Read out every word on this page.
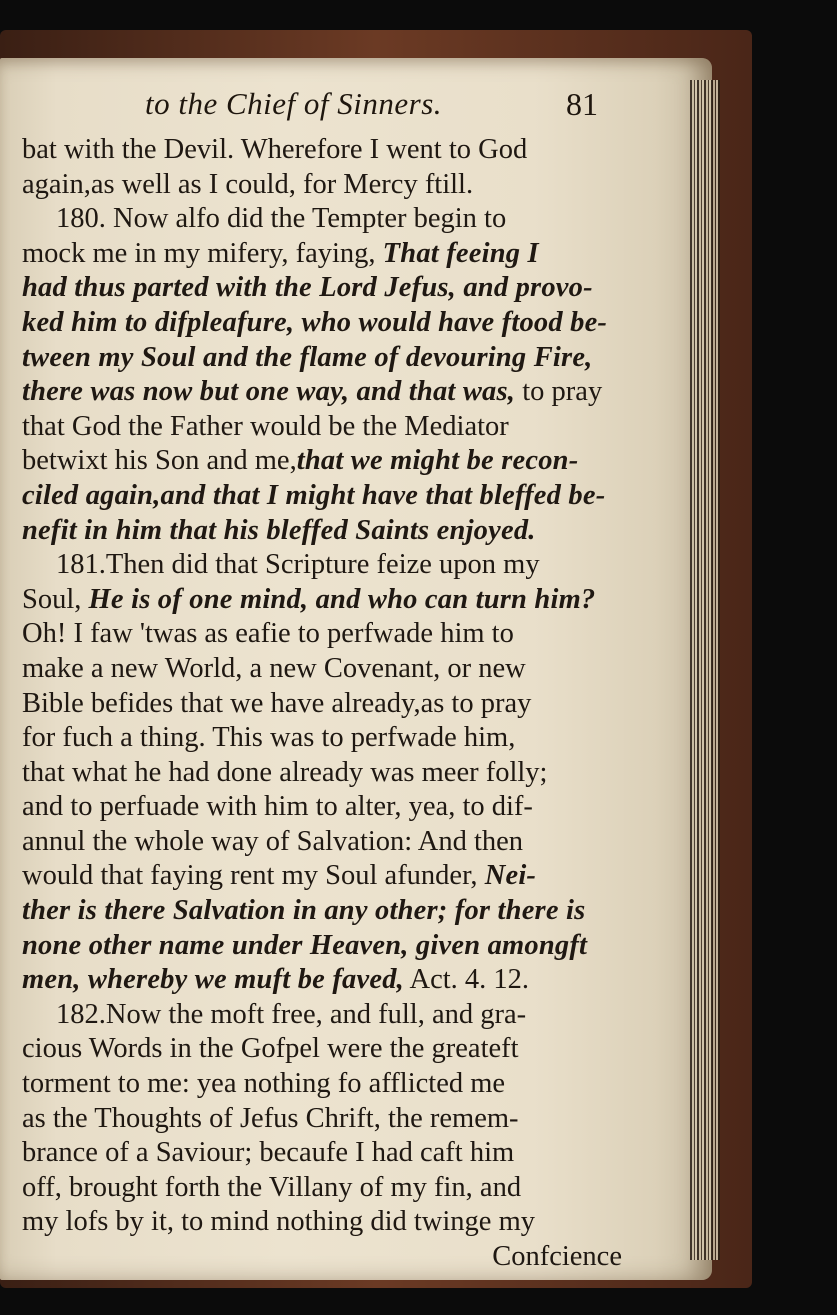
to the Chief of Sinners.	81
bat with the Devil. Wherefore I went to God
again,as well as I could, for Mercy ftill.
180. Now alfo did the Tempter begin to
mock me in my mifery, faying, That feeing I
had thus parted with the Lord Jefus, and provo-
ked him to difpleafure, who would have ftood be-
tween my Soul and the flame of devouring Fire,
there was now but one way, and that was, to pray
that God the Father would be the Mediator
betwixt his Son and me,that we might be recon-
ciled again,and that I might have that bleffed be-
nefit in him that his bleffed Saints enjoyed.
181.Then did that Scripture feize upon my
Soul, He is of one mind, and who can turn him?
Oh! I faw 'twas as eafie to perfwade him to
make a new World, a new Covenant, or new
Bible befides that we have already,as to pray
for fuch a thing. This was to perfwade him,
that what he had done already was meer folly;
and to perfuade with him to alter, yea, to dif-
annul the whole way of Salvation: And then
would that faying rent my Soul afunder, Nei-
ther is there Salvation in any other; for there is
none other name under Heaven, given amongft
men, whereby we muft be faved, Act. 4. 12.
182.Now the moft free, and full, and gra-
cious Words in the Gofpel were the greateft
torment to me: yea nothing fo afflicted me
as the Thoughts of Jefus Chrift, the remem-
brance of a Saviour; becaufe I had caft him
off, brought forth the Villany of my fin, and
my lofs by it, to mind nothing did twinge my
Confcience
